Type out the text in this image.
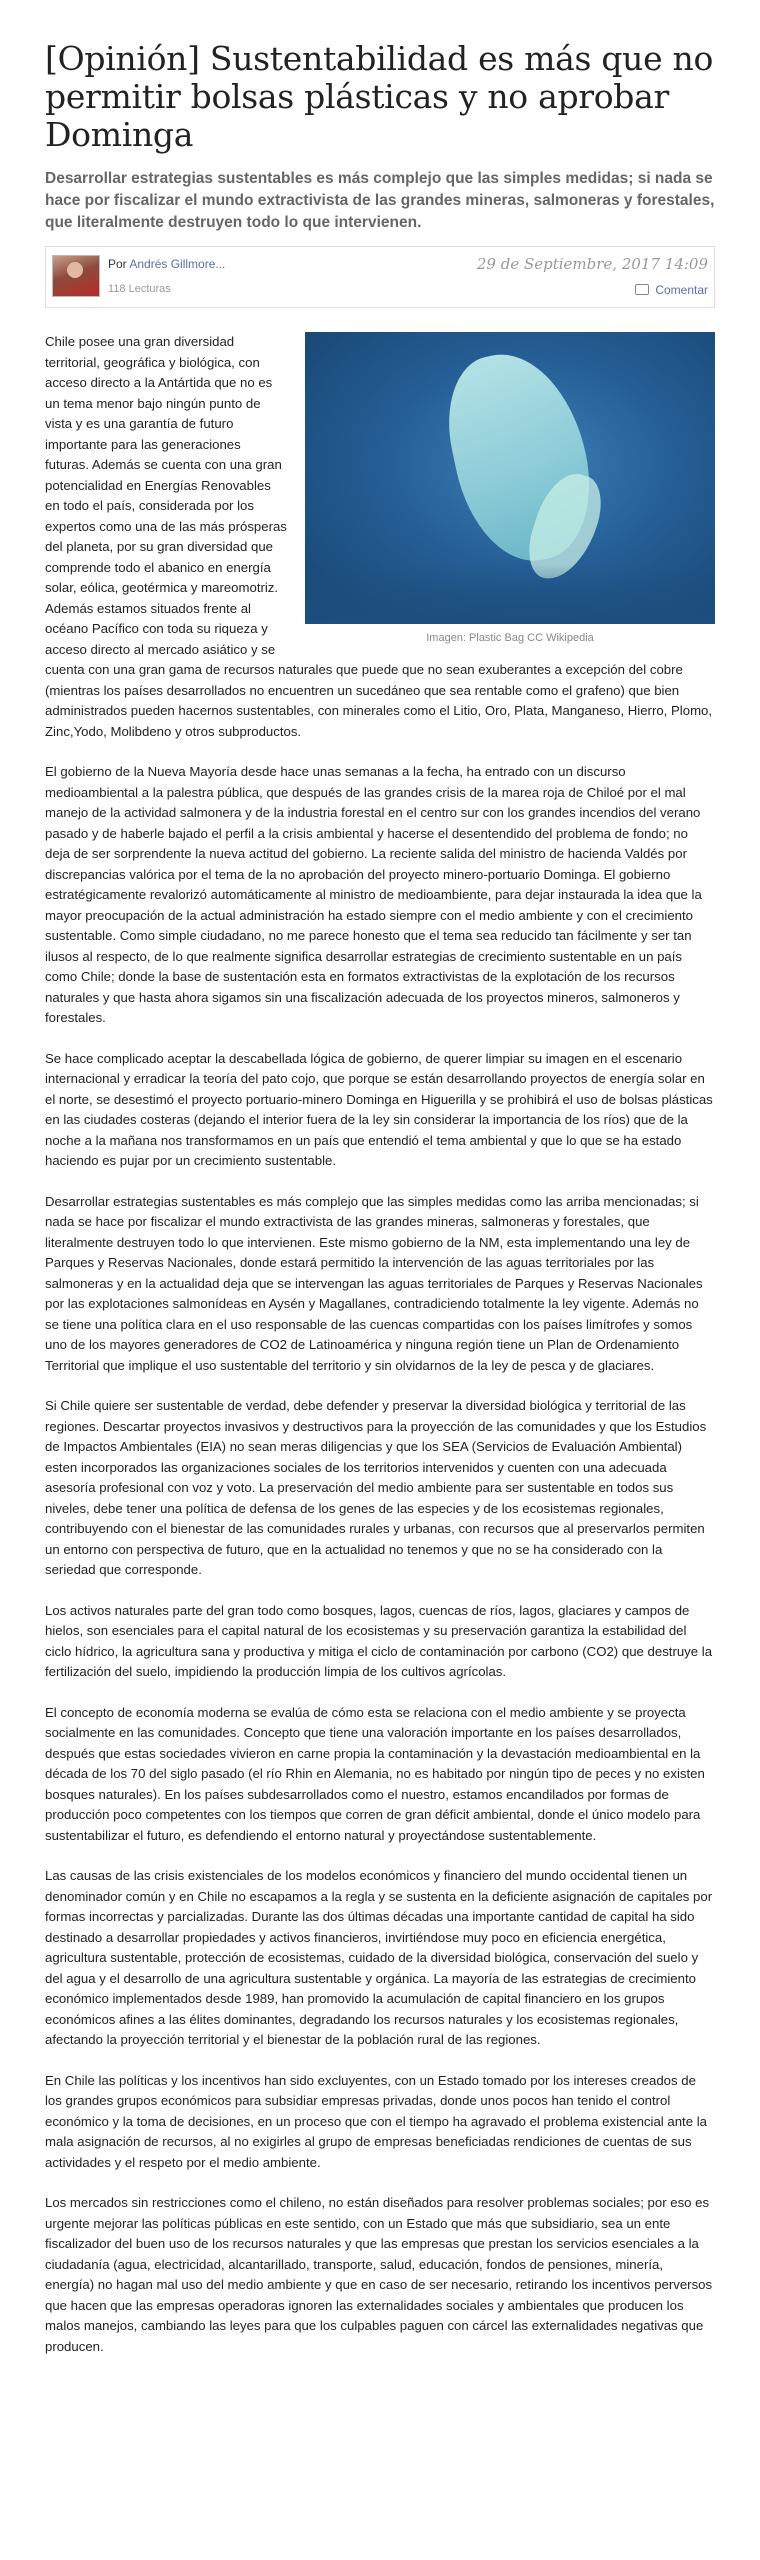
[Opinión] Sustentabilidad es más que no permitir bolsas plásticas y no aprobar Dominga

Desarrollar estrategias sustentables es más complejo que las simples medidas; si nada se hace por fiscalizar el mundo extractivista de las grandes mineras, salmoneras y forestales, que literalmente destruyen todo lo que intervienen.

Por Andrés Gillmore...
118 Lecturas
29 de Septiembre, 2017 14:09
Comentar
Imagen: Plastic Bag CC Wikipedia

Chile posee una gran diversidad territorial, geográfica y biológica, con acceso directo a la Antártida que no es un tema menor bajo ningún punto de vista y es una garantía de futuro importante para las generaciones futuras. Además se cuenta con una gran potencialidad en Energías Renovables en todo el país, considerada por los expertos como una de las más prósperas del planeta, por su gran diversidad que comprende todo el abanico en energía solar, eólica, geotérmica y mareomotriz. Además estamos situados frente al océano Pacífico con toda su riqueza y acceso directo al mercado asiático y se cuenta con una gran gama de recursos naturales que puede que no sean exuberantes a excepción del cobre (mientras los países desarrollados no encuentren un sucedáneo que sea rentable como el grafeno) que bien administrados pueden hacernos sustentables, con minerales como el Litio, Oro, Plata, Manganeso, Hierro, Plomo, Zinc,Yodo, Molibdeno y otros subproductos.

El gobierno de la Nueva Mayoría desde hace unas semanas a la fecha, ha entrado con un discurso medioambiental a la palestra pública, que después de las grandes crisis de la marea roja de Chiloé por el mal manejo de la actividad salmonera y de la industria forestal en el centro sur con los grandes incendios del verano pasado y de haberle bajado el perfil a la crisis ambiental y hacerse el desentendido del problema de fondo; no deja de ser sorprendente la nueva actitud del gobierno. La reciente salida del ministro de hacienda Valdés por discrepancias valórica por el tema de la no aprobación del proyecto minero-portuario Dominga. El gobierno estratégicamente revalorizó automáticamente al ministro de medioambiente, para dejar instaurada la idea que la mayor preocupación de la actual administración ha estado siempre con el medio ambiente y con el crecimiento sustentable. Como simple ciudadano, no me parece honesto que el tema sea reducido tan fácilmente y ser tan ilusos al respecto, de lo que realmente significa desarrollar estrategias de crecimiento sustentable en un país como Chile; donde la base de sustentación esta en formatos extractivistas de la explotación de los recursos naturales y que hasta ahora sigamos sin una fiscalización adecuada de los proyectos mineros, salmoneros y forestales.

Se hace complicado aceptar la descabellada lógica de gobierno, de querer limpiar su imagen en el escenario internacional y erradicar la teoría del pato cojo, que porque se están desarrollando proyectos de energía solar en el norte, se desestimó el proyecto portuario-minero Dominga en Higuerilla y se prohibirá el uso de bolsas plásticas en las ciudades costeras (dejando el interior fuera de la ley sin considerar la importancia de los ríos) que de la noche a la mañana nos transformamos en un país que entendió el tema ambiental y que lo que se ha estado haciendo es pujar por un crecimiento sustentable.

Desarrollar estrategias sustentables es más complejo que las simples medidas como las arriba mencionadas; si nada se hace por fiscalizar el mundo extractivista de las grandes mineras, salmoneras y forestales, que literalmente destruyen todo lo que intervienen. Este mismo gobierno de la NM, esta implementando una ley de Parques y Reservas Nacionales, donde estará permitido la intervención de las aguas territoriales por las salmoneras y en la actualidad deja que se intervengan las aguas territoriales de Parques y Reservas Nacionales por las explotaciones salmonídeas en Aysén y Magallanes, contradiciendo totalmente la ley vigente. Además no se tiene una política clara en el uso responsable de las cuencas compartidas con los países limítrofes y somos uno de los mayores generadores de CO2 de Latinoamérica y ninguna región tiene un Plan de Ordenamiento Territorial que implique el uso sustentable del territorio y sin olvidarnos de la ley de pesca y de glaciares.

Si Chile quiere ser sustentable de verdad, debe defender y preservar la diversidad biológica y territorial de las regiones. Descartar proyectos invasivos y destructivos para la proyección de las comunidades y que los Estudios de Impactos Ambientales (EIA) no sean meras diligencias y que los SEA (Servicios de Evaluación Ambiental) esten incorporados las organizaciones sociales de los territorios intervenidos y cuenten con una adecuada asesoría profesional con voz y voto. La preservación del medio ambiente para ser sustentable en todos sus niveles, debe tener una política de defensa de los genes de las especies y de los ecosistemas regionales, contribuyendo con el bienestar de las comunidades rurales y urbanas, con recursos que al preservarlos permiten un entorno con perspectiva de futuro, que en la actualidad no tenemos y que no se ha considerado con la seriedad que corresponde.

Los activos naturales parte del gran todo como bosques, lagos, cuencas de ríos, lagos, glaciares y campos de hielos, son esenciales para el capital natural de los ecosistemas y su preservación garantiza la estabilidad del ciclo hídrico, la agricultura sana y productiva y mitiga el ciclo de contaminación por carbono (CO2) que destruye la fertilización del suelo, impidiendo la producción limpia de los cultivos agrícolas.

El concepto de economía moderna se evalúa de cómo esta se relaciona con el medio ambiente y se proyecta socialmente en las comunidades. Concepto que tiene una valoración importante en los países desarrollados, después que estas sociedades vivieron en carne propia la contaminación y la devastación medioambiental en la década de los 70 del siglo pasado (el río Rhin en Alemania, no es habitado por ningún tipo de peces y no existen bosques naturales). En los países subdesarrollados como el nuestro, estamos encandilados por formas de producción poco competentes con los tiempos que corren de gran déficit ambiental, donde el único modelo para sustentabilizar el futuro, es defendiendo el entorno natural y proyectándose sustentablemente.

Las causas de las crisis existenciales de los modelos económicos y financiero del mundo occidental tienen un denominador común y en Chile no escapamos a la regla y se sustenta en la deficiente asignación de capitales por formas incorrectas y parcializadas. Durante las dos últimas décadas una importante cantidad de capital ha sido destinado a desarrollar propiedades y activos financieros, invirtiéndose muy poco en eficiencia energética, agricultura sustentable, protección de ecosistemas, cuidado de la diversidad biológica, conservación del suelo y del agua y el desarrollo de una agricultura sustentable y orgánica. La mayoría de las estrategias de crecimiento económico implementados desde 1989, han promovido la acumulación de capital financiero en los grupos económicos afines a las élites dominantes, degradando los recursos naturales y los ecosistemas regionales, afectando la proyección territorial y el bienestar de la población rural de las regiones.

En Chile las políticas y los incentivos han sido excluyentes, con un Estado tomado por los intereses creados de los grandes grupos económicos para subsidiar empresas privadas, donde unos pocos han tenido el control económico y la toma de decisiones, en un proceso que con el tiempo ha agravado el problema existencial ante la mala asignación de recursos, al no exigirles al grupo de empresas beneficiadas rendiciones de cuentas de sus actividades y el respeto por el medio ambiente.

Los mercados sin restricciones como el chileno, no están diseñados para resolver problemas sociales; por eso es urgente mejorar las políticas públicas en este sentido, con un Estado que más que subsidiario, sea un ente fiscalizador del buen uso de los recursos naturales y que las empresas que prestan los servicios esenciales a la ciudadanía (agua, electricidad, alcantarillado, transporte, salud, educación, fondos de pensiones, minería, energía) no hagan mal uso del medio ambiente y que en caso de ser necesario, retirando los incentivos perversos que hacen que las empresas operadoras ignoren las externalidades sociales y ambientales que producen los malos manejos, cambiando las leyes para que los culpables paguen con cárcel las externalidades negativas que producen.
